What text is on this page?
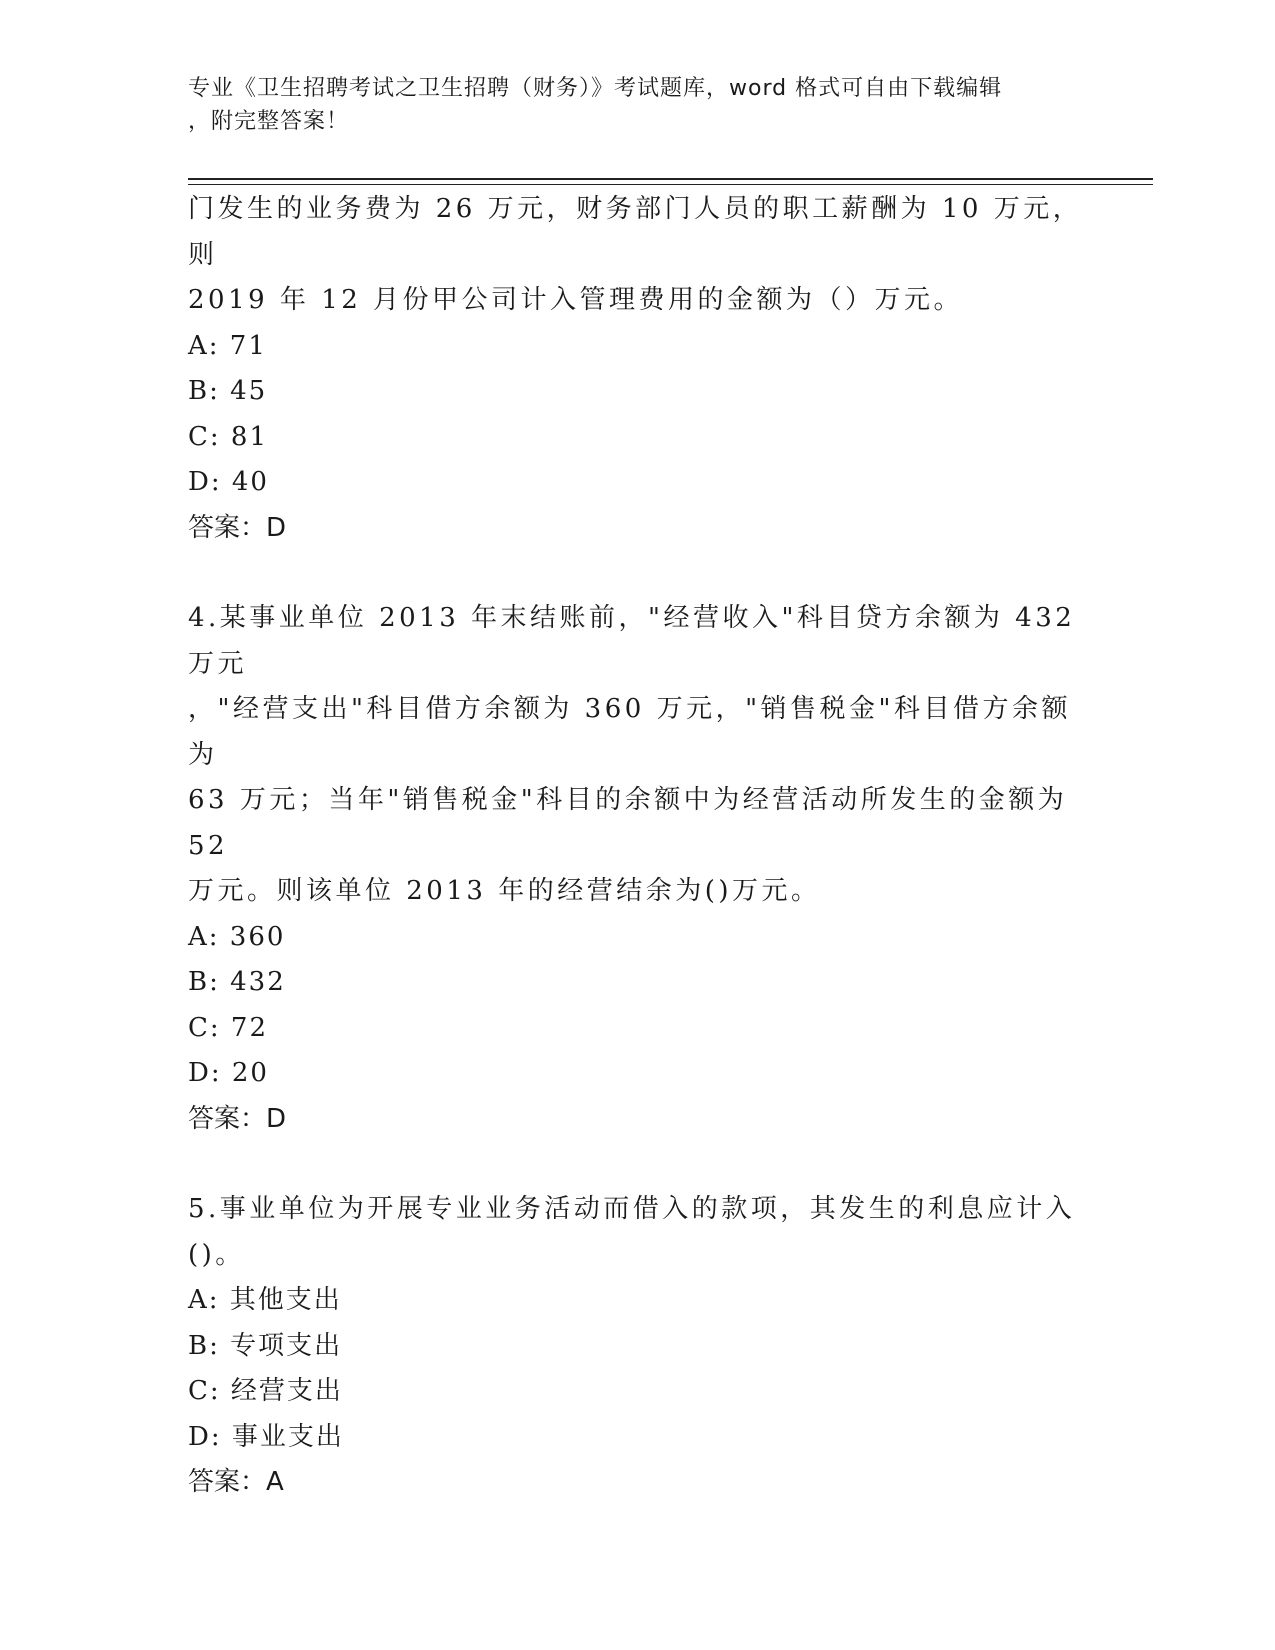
专业《卫生招聘考试之卫生招聘（财务）》考试题库，word 格式可自由下载编辑
，附完整答案！

门发生的业务费为 26 万元，财务部门人员的职工薪酬为 10 万元，则

2019 年 12 月份甲公司计入管理费用的金额为（）万元。

A: 71

B: 45

C: 81

D: 40

答案：D

4.某事业单位 2013 年末结账前，"经营收入"科目贷方余额为 432 万元

，"经营支出"科目借方余额为 360 万元，"销售税金"科目借方余额为

63 万元；当年"销售税金"科目的余额中为经营活动所发生的金额为 52

万元。则该单位 2013 年的经营结余为()万元。

A: 360

B: 432

C: 72

D: 20

答案：D

5.事业单位为开展专业业务活动而借入的款项，其发生的利息应计入

()。

A: 其他支出

B: 专项支出

C: 经营支出

D: 事业支出

答案：A
